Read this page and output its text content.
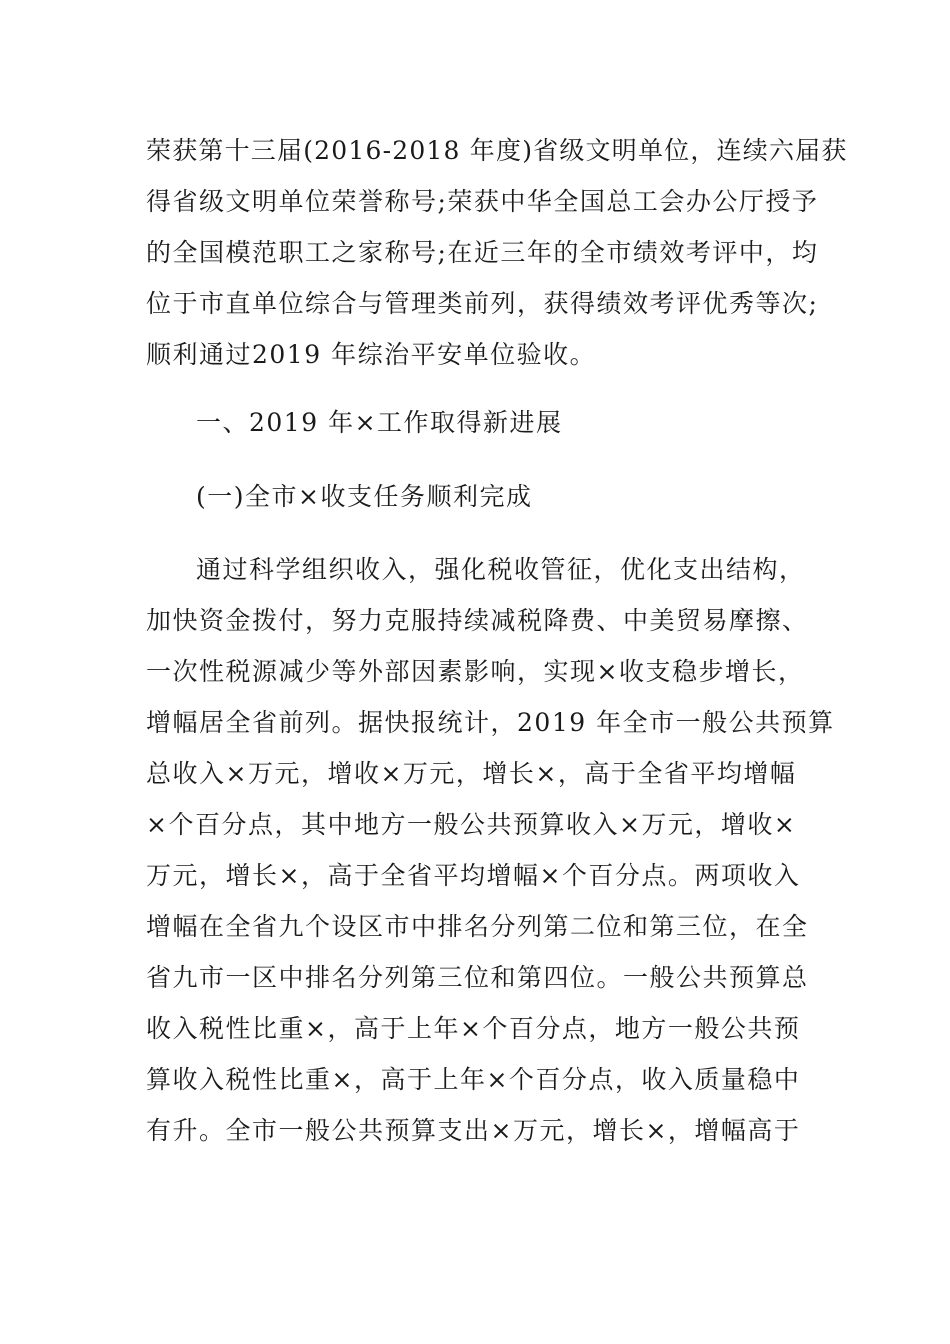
荣获第十三届(2016-2018 年度)省级文明单位，连续六届获
得省级文明单位荣誉称号;荣获中华全国总工会办公厅授予
的全国模范职工之家称号;在近三年的全市绩效考评中，均
位于市直单位综合与管理类前列，获得绩效考评优秀等次;
顺利通过2019 年综治平安单位验收。
一、2019 年×工作取得新进展
(一)全市×收支任务顺利完成
通过科学组织收入，强化税收管征，优化支出结构，
加快资金拨付，努力克服持续减税降费、中美贸易摩擦、
一次性税源减少等外部因素影响，实现×收支稳步增长，
增幅居全省前列。据快报统计，2019 年全市一般公共预算
总收入×万元，增收×万元，增长×，高于全省平均增幅
×个百分点，其中地方一般公共预算收入×万元，增收×
万元，增长×，高于全省平均增幅×个百分点。两项收入
增幅在全省九个设区市中排名分列第二位和第三位，在全
省九市一区中排名分列第三位和第四位。一般公共预算总
收入税性比重×，高于上年×个百分点，地方一般公共预
算收入税性比重×，高于上年×个百分点，收入质量稳中
有升。全市一般公共预算支出×万元，增长×，增幅高于
